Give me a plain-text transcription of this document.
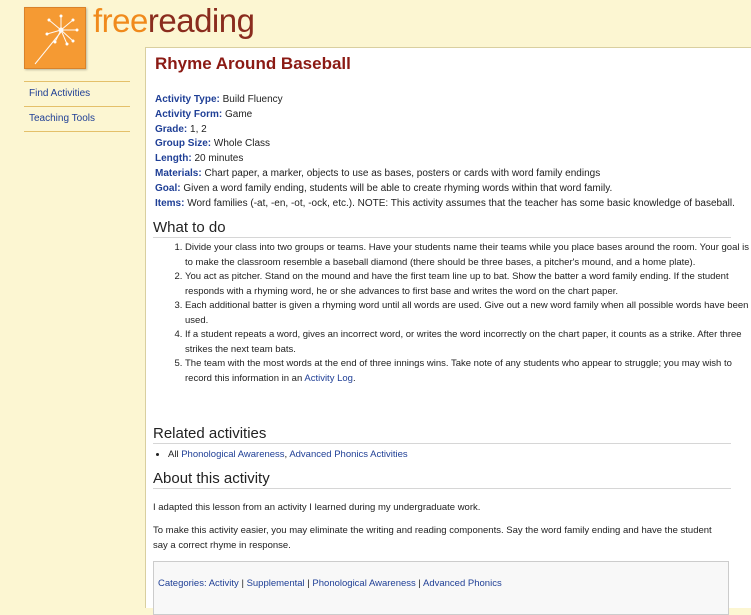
freereading
Find Activities
Teaching Tools
Rhyme Around Baseball
Activity Type: Build Fluency
Activity Form: Game
Grade: 1, 2
Group Size: Whole Class
Length: 20 minutes
Materials: Chart paper, a marker, objects to use as bases, posters or cards with word family endings
Goal: Given a word family ending, students will be able to create rhyming words within that word family.
Items: Word families (-at, -en, -ot, -ock, etc.). NOTE: This activity assumes that the teacher has some basic knowledge of baseball.
What to do
1. Divide your class into two groups or teams. Have your students name their teams while you place bases around the room. Your goal is to make the classroom resemble a baseball diamond (there should be three bases, a pitcher's mound, and a home plate).
2. You act as pitcher. Stand on the mound and have the first team line up to bat. Show the batter a word family ending. If the student responds with a rhyming word, he or she advances to first base and writes the word on the chart paper.
3. Each additional batter is given a rhyming word until all words are used. Give out a new word family when all possible words have been used.
4. If a student repeats a word, gives an incorrect word, or writes the word incorrectly on the chart paper, it counts as a strike. After three strikes the next team bats.
5. The team with the most words at the end of three innings wins. Take note of any students who appear to struggle; you may wish to record this information in an Activity Log.
Related activities
• All Phonological Awareness, Advanced Phonics Activities
About this activity

I adapted this lesson from an activity I learned during my undergraduate work.

To make this activity easier, you may eliminate the writing and reading components. Say the word family ending and have the student say a correct rhyme in response.

Categories: Activity | Supplemental | Phonological Awareness | Advanced Phonics
